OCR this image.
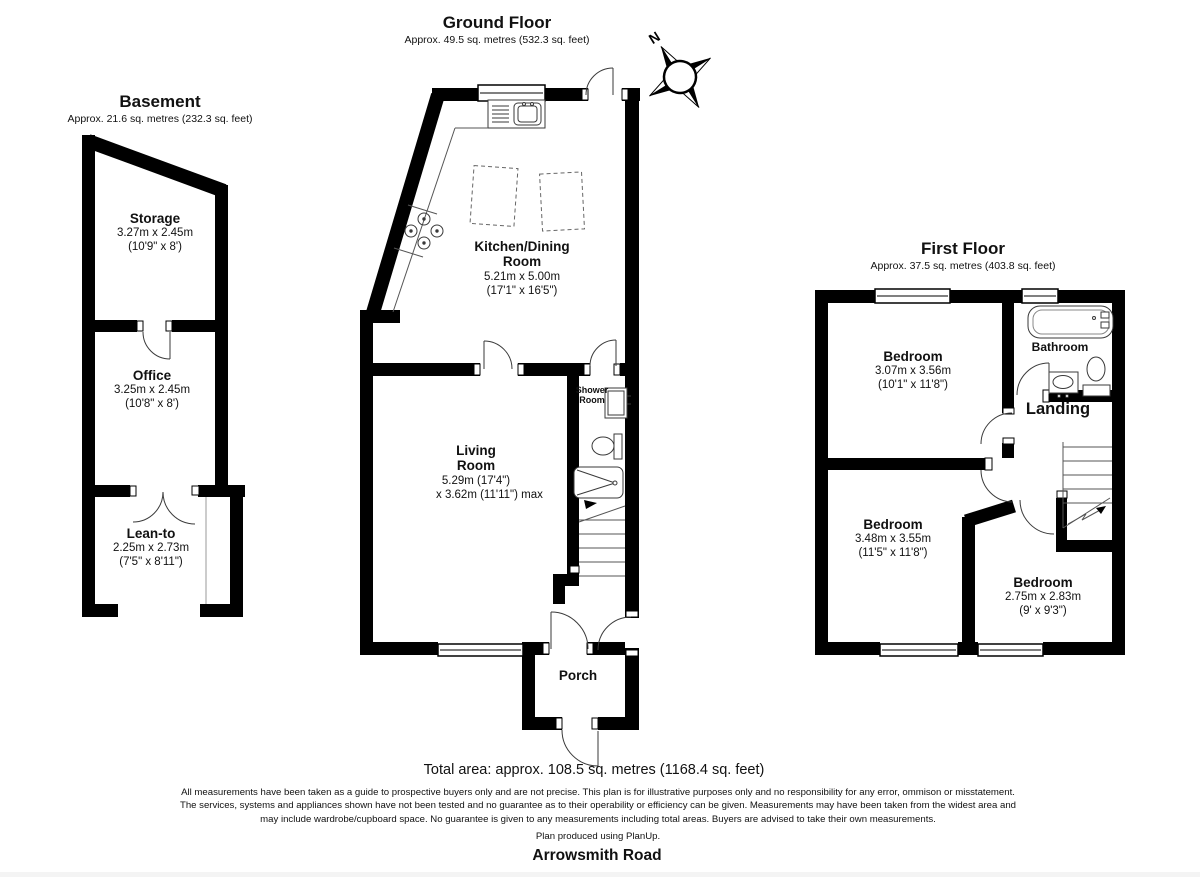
N
Basement
Approx. 21.6 sq. metres (232.3 sq. feet)
Ground Floor
Approx. 49.5 sq. metres (532.3 sq. feet)
First Floor
Approx. 37.5 sq. metres (403.8 sq. feet)
Storage
3.27m x 2.45m
(10'9" x 8')
Office
3.25m x 2.45m
(10'8" x 8')
Lean-to
2.25m x 2.73m
(7'5" x 8'11")
Kitchen/Dining Room
5.21m x 5.00m
(17'1" x 16'5")
Living Room
5.29m (17'4")
x 3.62m (11'11") max
Shower Room
Porch
Bedroom
3.07m x 3.56m
(10'1" x 11'8")
Bathroom
Landing
Bedroom
3.48m x 3.55m
(11'5" x 11'8")
Bedroom
2.75m x 2.83m
(9' x 9'3")
Total area: approx. 108.5 sq. metres (1168.4 sq. feet)
All measurements have been taken as a guide to prospective buyers only and are not precise. This plan is for illustrative purposes only and no responsibility for any error, ommison or misstatement. The services, systems and appliances shown have not been tested and no guarantee as to their operability or efficiency can be given. Measurements may have been taken from the widest area and may include wardrobe/cupboard space. No guarantee is given to any measurements including total areas. Buyers are advised to take their own measurements.
Plan produced using PlanUp.
Arrowsmith Road
